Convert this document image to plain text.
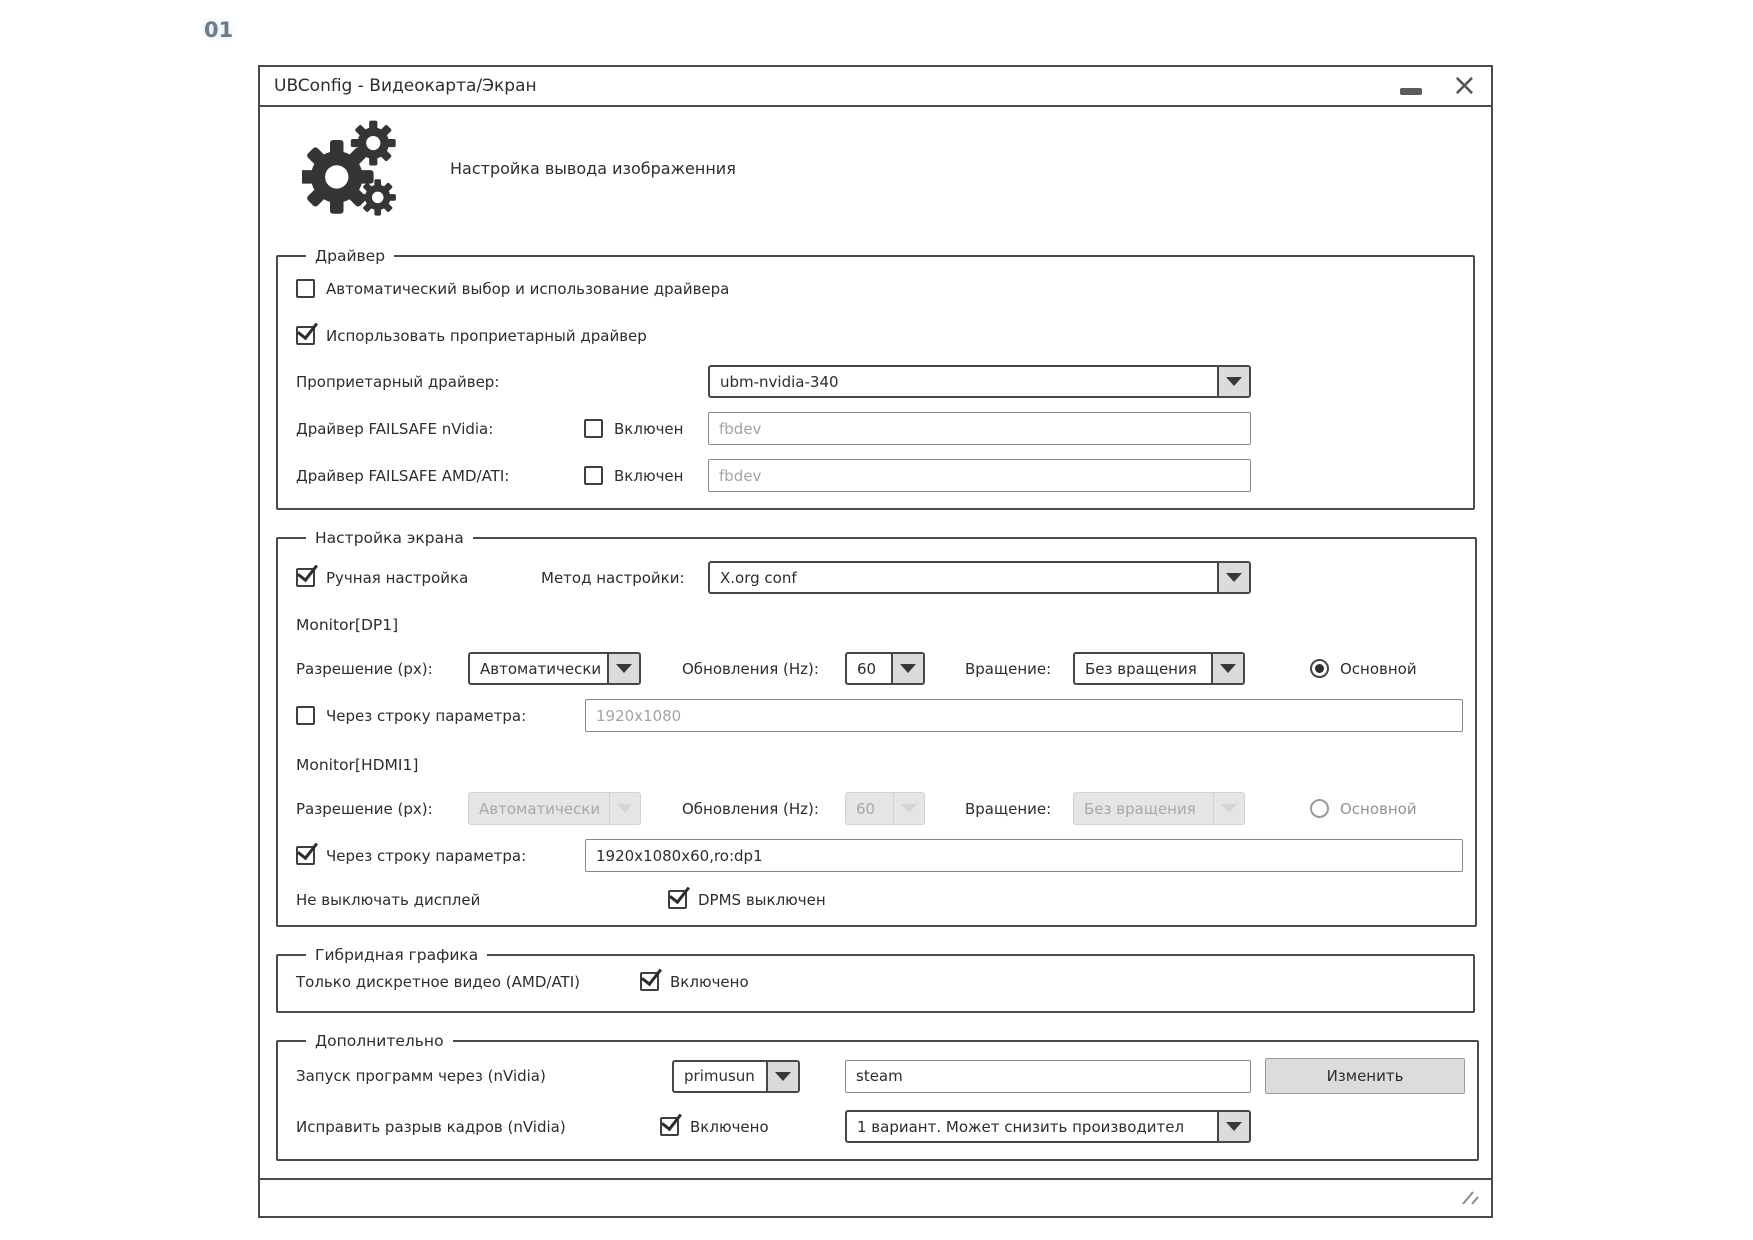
01
UBConfig - Видеокарта/Экран	×
Настройка вывода изображенния
Драйвер
Автоматический выбор и использование драйвера
Испорльзовать проприетарный драйвер
Проприетарный драйвер:	ubm-nvidia-340
Драйвер FAILSAFE nVidia:	Включен
fbdev
Драйвер FAILSAFE AMD/ATI:	Включен
fbdev
Настройка экрана
Ручная настройка	Метод настройки:	X.org conf
Monitor[DP1]
Разрешение (px):	Автоматически	Обновления (Hz):	60	Вращение:	Без вращения	Основной
Через строку параметра:
1920x1080
Monitor[HDMI1]
Разрешение (px):	Автоматически	Обновления (Hz):	60	Вращение:	Без вращения	Основной
Через строку параметра:
1920x1080x60,ro:dp1
Не выключать дисплей	DPMS выключен
Гибридная графика
Только дискретное видео (AMD/ATI)	Включено
Дополнительно
Запуск программ через (nVidia)	primusun
steam	Изменить
Исправить разрыв кадров (nVidia)	Включено	1 вариант. Может снизить производител
